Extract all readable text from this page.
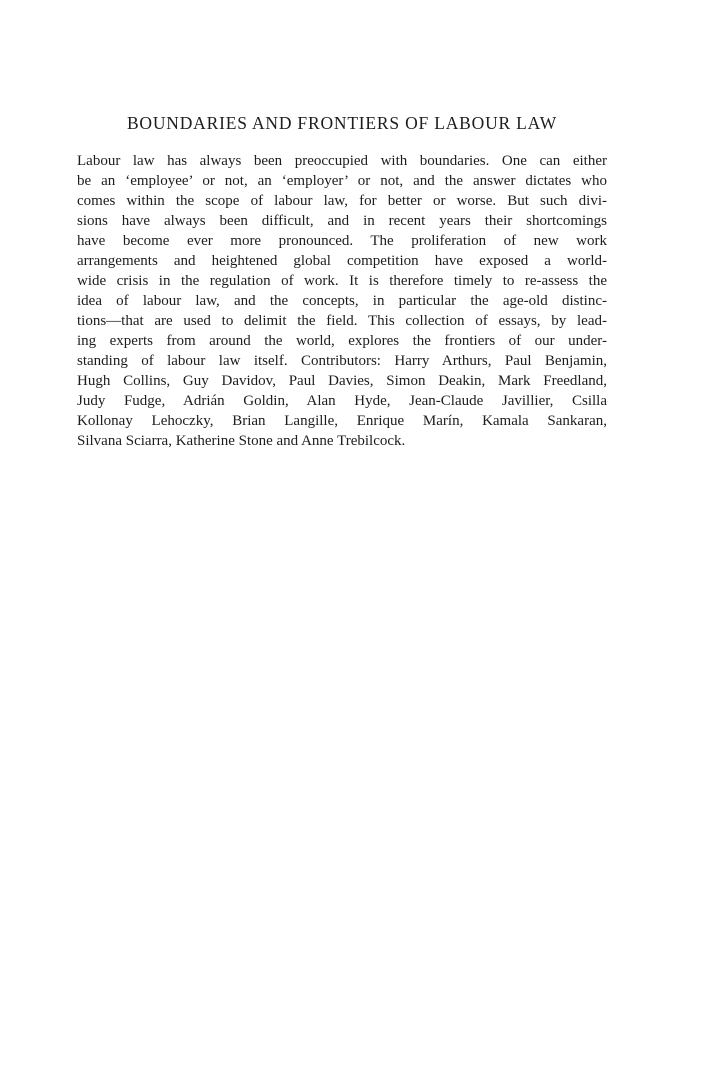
BOUNDARIES AND FRONTIERS OF LABOUR LAW
Labour law has always been preoccupied with boundaries. One can either
be an ‘employee’ or not, an ‘employer’ or not, and the answer dictates who
comes within the scope of labour law, for better or worse. But such divi-
sions have always been difficult, and in recent years their shortcomings
have become ever more pronounced. The proliferation of new work
arrangements and heightened global competition have exposed a world-
wide crisis in the regulation of work. It is therefore timely to re-assess the
idea of labour law, and the concepts, in particular the age-old distinc-
tions—that are used to delimit the field. This collection of essays, by lead-
ing experts from around the world, explores the frontiers of our under-
standing of labour law itself. Contributors: Harry Arthurs, Paul Benjamin,
Hugh Collins, Guy Davidov, Paul Davies, Simon Deakin, Mark Freedland,
Judy Fudge, Adrián Goldin, Alan Hyde, Jean-Claude Javillier, Csilla
Kollonay Lehoczky, Brian Langille, Enrique Marín, Kamala Sankaran,
Silvana Sciarra, Katherine Stone and Anne Trebilcock.
